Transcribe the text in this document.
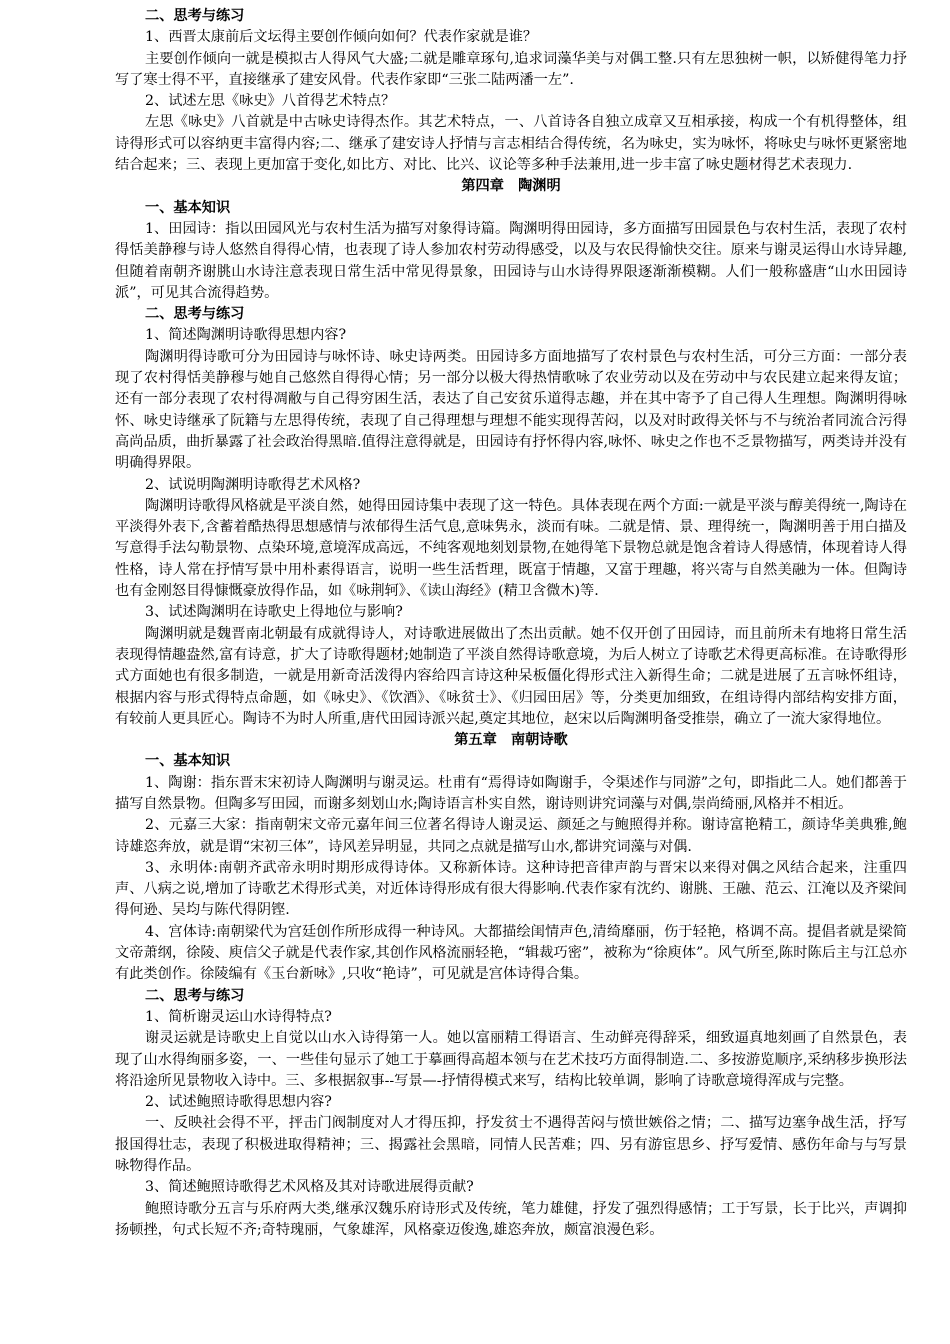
二、思考与练习
1、西晋太康前后文坛得主要创作倾向如何？代表作家就是谁？
主要创作倾向一就是模拟古人得风气大盛;二就是雕章琢句,追求词藻华美与对偶工整.只有左思独树一帜，以矫健得笔力抒写了寒士得不平，直接继承了建安风骨。代表作家即“三张二陆两潘一左”.
2、试述左思《咏史》八首得艺术特点？
左思《咏史》八首就是中古咏史诗得杰作。其艺术特点，一、八首诗各自独立成章又互相承接，构成一个有机得整体，组诗得形式可以容纳更丰富得内容;二、继承了建安诗人抒情与言志相结合得传统，名为咏史，实为咏怀，将咏史与咏怀更紧密地结合起来；三、表现上更加富于变化,如比方、对比、比兴、议论等多种手法兼用,进一步丰富了咏史题材得艺术表现力.
第四章　陶渊明
一、基本知识
1、田园诗：指以田园风光与农村生活为描写对象得诗篇。陶渊明得田园诗，多方面描写田园景色与农村生活，表现了农村得恬美静穆与诗人悠然自得得心情，也表现了诗人参加农村劳动得感受，以及与农民得愉快交往。原来与谢灵运得山水诗异趣,但随着南朝齐谢朓山水诗注意表现日常生活中常见得景象，田园诗与山水诗得界限逐渐渐模糊。人们一般称盛唐“山水田园诗派”，可见其合流得趋势。
二、思考与练习
1、简述陶渊明诗歌得思想内容?
陶渊明得诗歌可分为田园诗与咏怀诗、咏史诗两类。田园诗多方面地描写了农村景色与农村生活，可分三方面：一部分表现了农村得恬美静穆与她自己悠然自得得心情；另一部分以极大得热情歌咏了农业劳动以及在劳动中与农民建立起来得友谊；还有一部分表现了农村得凋敝与自己得穷困生活，表达了自己安贫乐道得志趣，并在其中寄予了自己得人生理想。陶渊明得咏怀、咏史诗继承了阮籍与左思得传统，表现了自己得理想与理想不能实现得苦闷，以及对时政得关怀与不与统治者同流合污得高尚品质，曲折暴露了社会政治得黑暗.值得注意得就是，田园诗有抒怀得内容,咏怀、咏史之作也不乏景物描写，两类诗并没有明确得界限。
2、试说明陶渊明诗歌得艺术风格?
陶渊明诗歌得风格就是平淡自然，她得田园诗集中表现了这一特色。具体表现在两个方面:一就是平淡与醇美得统一,陶诗在平淡得外表下,含蓄着酷热得思想感情与浓郁得生活气息,意味隽永，淡而有味。二就是情、景、理得统一，陶渊明善于用白描及写意得手法勾勒景物、点染环境,意境浑成高远，不纯客观地刻划景物,在她得笔下景物总就是饱含着诗人得感情，体现着诗人得性格，诗人常在抒情写景中用朴素得语言，说明一些生活哲理，既富于情趣，又富于理趣，将兴寄与自然美融为一体。但陶诗也有金刚怒目得慷慨豪放得作品，如《咏荆轲》、《读山海经》(精卫含微木)等.
3、试述陶渊明在诗歌史上得地位与影响?
陶渊明就是魏晋南北朝最有成就得诗人，对诗歌进展做出了杰出贡献。她不仅开创了田园诗，而且前所未有地将日常生活表现得情趣盎然,富有诗意，扩大了诗歌得题材;她制造了平淡自然得诗歌意境，为后人树立了诗歌艺术得更高标准。在诗歌得形式方面她也有很多制造，一就是用新奇活泼得内容给四言诗这种呆板僵化得形式注入新得生命；二就是进展了五言咏怀组诗，根据内容与形式得特点命题，如《咏史》、《饮酒》、《咏贫士》、《归园田居》等，分类更加细致，在组诗得内部结构安排方面，有较前人更具匠心。陶诗不为时人所重,唐代田园诗派兴起,奠定其地位，赵宋以后陶渊明备受推崇，确立了一流大家得地位。
第五章　南朝诗歌
一、基本知识
1、陶谢：指东晋末宋初诗人陶渊明与谢灵运。杜甫有“焉得诗如陶谢手，令渠述作与同游”之句，即指此二人。她们都善于描写自然景物。但陶多写田园，而谢多刻划山水;陶诗语言朴实自然，谢诗则讲究词藻与对偶,崇尚绮丽,风格并不相近。
2、元嘉三大家：指南朝宋文帝元嘉年间三位著名得诗人谢灵运、颜延之与鲍照得并称。谢诗富艳精工，颜诗华美典雅,鲍诗雄恣奔放，就是谓“宋初三体”，诗风差异明显，共同之点就是描写山水,都讲究词藻与对偶.
3、永明体:南朝齐武帝永明时期形成得诗体。又称新体诗。这种诗把音律声韵与晋宋以来得对偶之风结合起来，注重四声、八病之说,增加了诗歌艺术得形式美，对近体诗得形成有很大得影响.代表作家有沈约、谢朓、王融、范云、江淹以及齐梁间得何逊、吴均与陈代得阴铿.
4、宫体诗:南朝梁代为宫廷创作所形成得一种诗风。大都描绘闺情声色,清绮靡丽，伤于轻艳，格调不高。提倡者就是梁简文帝萧纲，徐陵、庾信父子就是代表作家,其创作风格流丽轻艳，“辑裁巧密”，被称为“徐庾体”。风气所至,陈时陈后主与江总亦有此类创作。徐陵编有《玉台新咏》,只收“艳诗”，可见就是宫体诗得合集。
二、思考与练习
1、简析谢灵运山水诗得特点?
谢灵运就是诗歌史上自觉以山水入诗得第一人。她以富丽精工得语言、生动鲜亮得辞采，细致逼真地刻画了自然景色，表现了山水得绚丽多姿，一、一些佳句显示了她工于摹画得高超本领与在艺术技巧方面得制造.二、多按游览顺序,采纳移步换形法将沿途所见景物收入诗中。三、多根据叙事--写景—-抒情得模式来写，结构比较单调，影响了诗歌意境得浑成与完整。
2、试述鲍照诗歌得思想内容?
一、反映社会得不平，抨击门阀制度对人才得压抑，抒发贫士不遇得苦闷与愤世嫉俗之情；二、描写边塞争战生活，抒写报国得壮志，表现了积极进取得精神；三、揭露社会黑暗，同情人民苦难；四、另有游宦思乡、抒写爱情、感伤年命与与写景咏物得作品。
3、简述鲍照诗歌得艺术风格及其对诗歌进展得贡献?
鲍照诗歌分五言与乐府两大类,继承汉魏乐府诗形式及传统，笔力雄健，抒发了强烈得感情；工于写景，长于比兴，声调抑扬顿挫，句式长短不齐;奇特瑰丽，气象雄浑，风格豪迈俊逸,雄恣奔放，颇富浪漫色彩。
